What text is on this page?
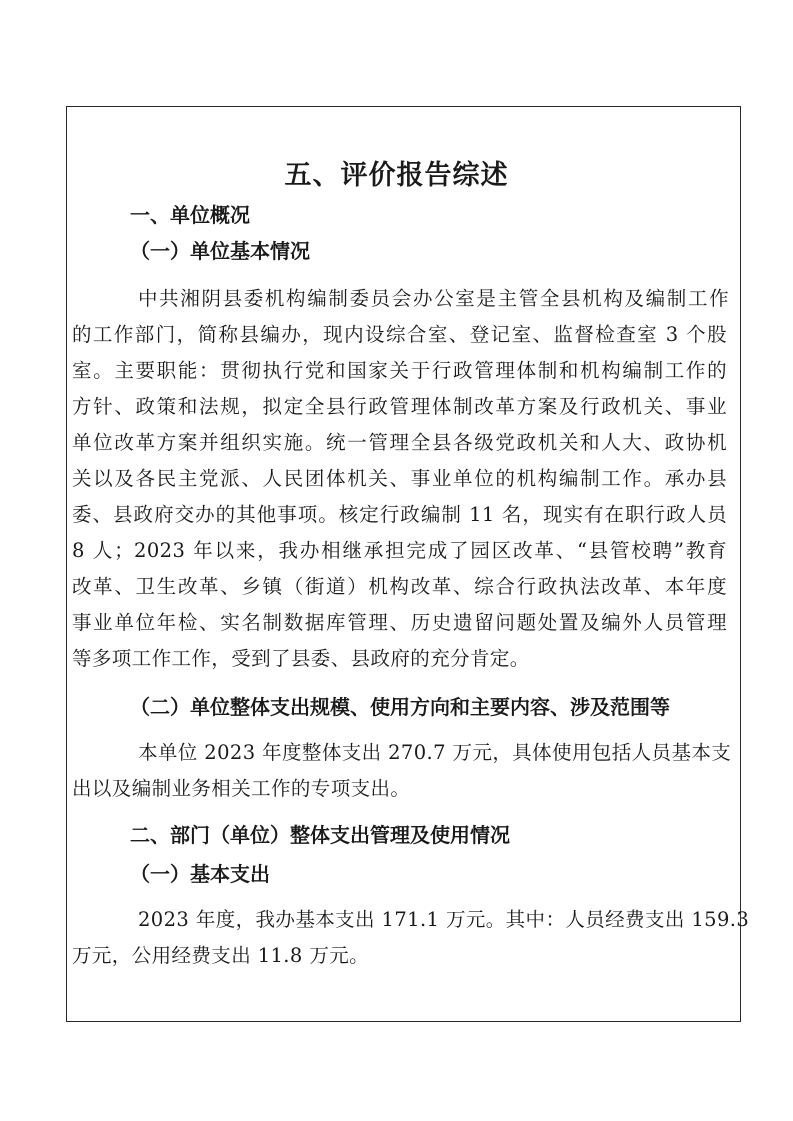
五、评价报告综述

一、单位概况

（一）单位基本情况

中共湘阴县委机构编制委员会办公室是主管全县机构及编制工作

的工作部门，简称县编办，现内设综合室、登记室、监督检查室 3 个股

室。主要职能：贯彻执行党和国家关于行政管理体制和机构编制工作的

方针、政策和法规，拟定全县行政管理体制改革方案及行政机关、事业

单位改革方案并组织实施。统一管理全县各级党政机关和人大、政协机

关以及各民主党派、人民团体机关、事业单位的机构编制工作。承办县

委、县政府交办的其他事项。核定行政编制 11 名，现实有在职行政人员

8 人；2023 年以来，我办相继承担完成了园区改革、“县管校聘”教育

改革、卫生改革、乡镇（街道）机构改革、综合行政执法改革、本年度

事业单位年检、实名制数据库管理、历史遗留问题处置及编外人员管理

等多项工作工作，受到了县委、县政府的充分肯定。

（二）单位整体支出规模、使用方向和主要内容、涉及范围等

本单位 2023 年度整体支出 270.7 万元，具体使用包括人员基本支

出以及编制业务相关工作的专项支出。

二、部门（单位）整体支出管理及使用情况

（一）基本支出

2023 年度，我办基本支出 171.1 万元。其中：人员经费支出 159.3

万元，公用经费支出 11.8 万元。
